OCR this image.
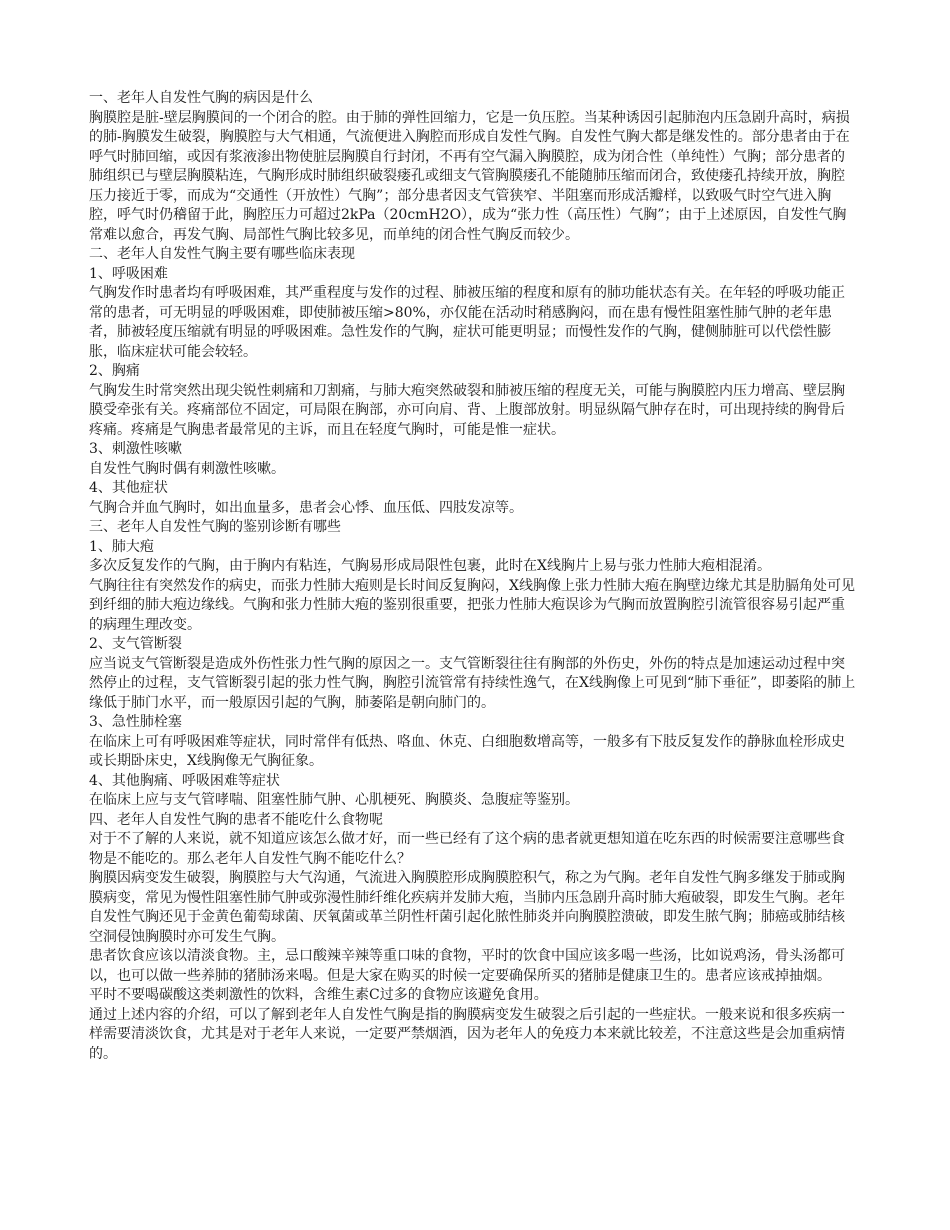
一、老年人自发性气胸的病因是什么
胸膜腔是脏-壁层胸膜间的一个闭合的腔。由于肺的弹性回缩力，它是一负压腔。当某种诱因引起肺泡内压急剧升高时，病损的肺-胸膜发生破裂，胸膜腔与大气相通，气流便进入胸腔而形成自发性气胸。自发性气胸大都是继发性的。部分患者由于在呼气时肺回缩，或因有浆液渗出物使脏层胸膜自行封闭，不再有空气漏入胸膜腔，成为闭合性（单纯性）气胸；部分患者的肺组织已与壁层胸膜粘连，气胸形成时肺组织破裂瘘孔或细支气管胸膜瘘孔不能随肺压缩而闭合，致使瘘孔持续开放，胸腔压力接近于零，而成为“交通性（开放性）气胸”；部分患者因支气管狭窄、半阻塞而形成活瓣样，以致吸气时空气进入胸腔，呼气时仍稽留于此，胸腔压力可超过2kPa（20cmH2O），成为“张力性（高压性）气胸”；由于上述原因，自发性气胸常难以愈合，再发气胸、局部性气胸比较多见，而单纯的闭合性气胸反而较少。
二、老年人自发性气胸主要有哪些临床表现
1、呼吸困难
气胸发作时患者均有呼吸困难，其严重程度与发作的过程、肺被压缩的程度和原有的肺功能状态有关。在年轻的呼吸功能正常的患者，可无明显的呼吸困难，即使肺被压缩>80%，亦仅能在活动时稍感胸闷，而在患有慢性阻塞性肺气肿的老年患者，肺被轻度压缩就有明显的呼吸困难。急性发作的气胸，症状可能更明显；而慢性发作的气胸，健侧肺脏可以代偿性膨胀，临床症状可能会较轻。
2、胸痛
气胸发生时常突然出现尖锐性刺痛和刀割痛，与肺大疱突然破裂和肺被压缩的程度无关，可能与胸膜腔内压力增高、壁层胸膜受牵张有关。疼痛部位不固定，可局限在胸部，亦可向肩、背、上腹部放射。明显纵隔气肿存在时，可出现持续的胸骨后疼痛。疼痛是气胸患者最常见的主诉，而且在轻度气胸时，可能是惟一症状。
3、刺激性咳嗽
自发性气胸时偶有刺激性咳嗽。
4、其他症状
气胸合并血气胸时，如出血量多，患者会心悸、血压低、四肢发凉等。
三、老年人自发性气胸的鉴别诊断有哪些
1、肺大疱
多次反复发作的气胸，由于胸内有粘连，气胸易形成局限性包裹，此时在X线胸片上易与张力性肺大疱相混淆。
气胸往往有突然发作的病史，而张力性肺大疱则是长时间反复胸闷，X线胸像上张力性肺大疱在胸壁边缘尤其是肋膈角处可见到纤细的肺大疱边缘线。气胸和张力性肺大疱的鉴别很重要，把张力性肺大疱误诊为气胸而放置胸腔引流管很容易引起严重的病理生理改变。
2、支气管断裂
应当说支气管断裂是造成外伤性张力性气胸的原因之一。支气管断裂往往有胸部的外伤史，外伤的特点是加速运动过程中突然停止的过程，支气管断裂引起的张力性气胸，胸腔引流管常有持续性逸气，在X线胸像上可见到“肺下垂征”，即萎陷的肺上缘低于肺门水平，而一般原因引起的气胸，肺萎陷是朝向肺门的。
3、急性肺栓塞
在临床上可有呼吸困难等症状，同时常伴有低热、咯血、休克、白细胞数增高等，一般多有下肢反复发作的静脉血栓形成史或长期卧床史，X线胸像无气胸征象。
4、其他胸痛、呼吸困难等症状
在临床上应与支气管哮喘、阻塞性肺气肿、心肌梗死、胸膜炎、急腹症等鉴别。
四、老年人自发性气胸的患者不能吃什么食物呢
对于不了解的人来说，就不知道应该怎么做才好，而一些已经有了这个病的患者就更想知道在吃东西的时候需要注意哪些食物是不能吃的。那么老年人自发性气胸不能吃什么？
胸膜因病变发生破裂，胸膜腔与大气沟通，气流进入胸膜腔形成胸膜腔积气，称之为气胸。老年自发性气胸多继发于肺或胸膜病变，常见为慢性阻塞性肺气肿或弥漫性肺纤维化疾病并发肺大疱，当肺内压急剧升高时肺大疱破裂，即发生气胸。老年自发性气胸还见于金黄色葡萄球菌、厌氧菌或革兰阴性杆菌引起化脓性肺炎并向胸膜腔溃破，即发生脓气胸；肺癌或肺结核空洞侵蚀胸膜时亦可发生气胸。
患者饮食应该以清淡食物。主，忌口酸辣辛辣等重口味的食物，平时的饮食中国应该多喝一些汤，比如说鸡汤，骨头汤都可以，也可以做一些养肺的猪肺汤来喝。但是大家在购买的时候一定要确保所买的猪肺是健康卫生的。患者应该戒掉抽烟。
平时不要喝碳酸这类刺激性的饮料，含维生素C过多的食物应该避免食用。
通过上述内容的介绍，可以了解到老年人自发性气胸是指的胸膜病变发生破裂之后引起的一些症状。一般来说和很多疾病一样需要清淡饮食，尤其是对于老年人来说，一定要严禁烟酒，因为老年人的免疫力本来就比较差，不注意这些是会加重病情的。
